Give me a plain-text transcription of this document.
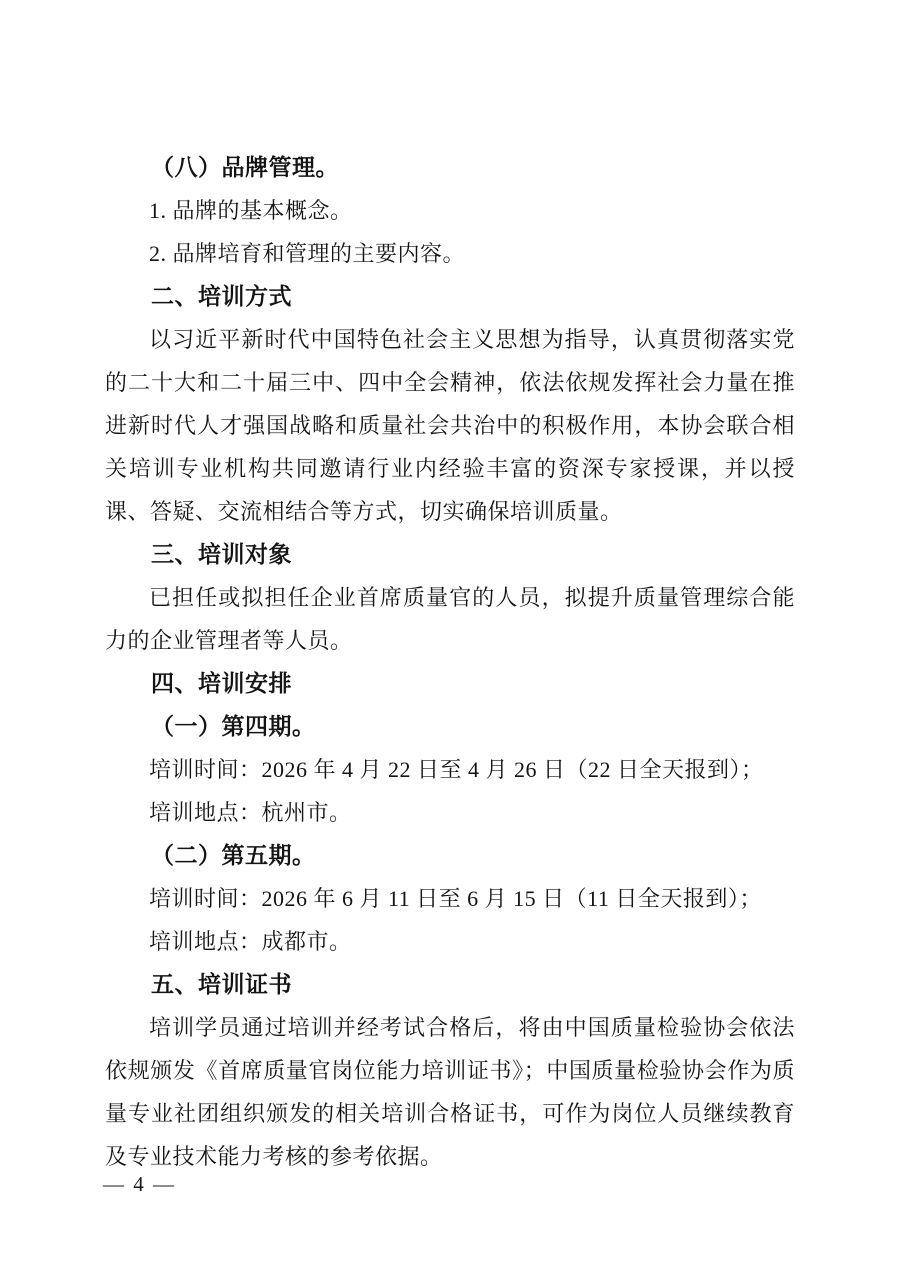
（八）品牌管理。

1. 品牌的基本概念。

2. 品牌培育和管理的主要内容。

二、培训方式

以习近平新时代中国特色社会主义思想为指导，认真贯彻落实党的二十大和二十届三中、四中全会精神，依法依规发挥社会力量在推进新时代人才强国战略和质量社会共治中的积极作用，本协会联合相关培训专业机构共同邀请行业内经验丰富的资深专家授课，并以授课、答疑、交流相结合等方式，切实确保培训质量。

三、培训对象

已担任或拟担任企业首席质量官的人员，拟提升质量管理综合能力的企业管理者等人员。

四、培训安排

（一）第四期。

培训时间：2026 年 4 月 22 日至 4 月 26 日（22 日全天报到）；

培训地点：杭州市。

（二）第五期。

培训时间：2026 年 6 月 11 日至 6 月 15 日（11 日全天报到）；

培训地点：成都市。

五、培训证书

培训学员通过培训并经考试合格后，将由中国质量检验协会依法依规颁发《首席质量官岗位能力培训证书》；中国质量检验协会作为质量专业社团组织颁发的相关培训合格证书，可作为岗位人员继续教育及专业技术能力考核的参考依据。

— 4 —
